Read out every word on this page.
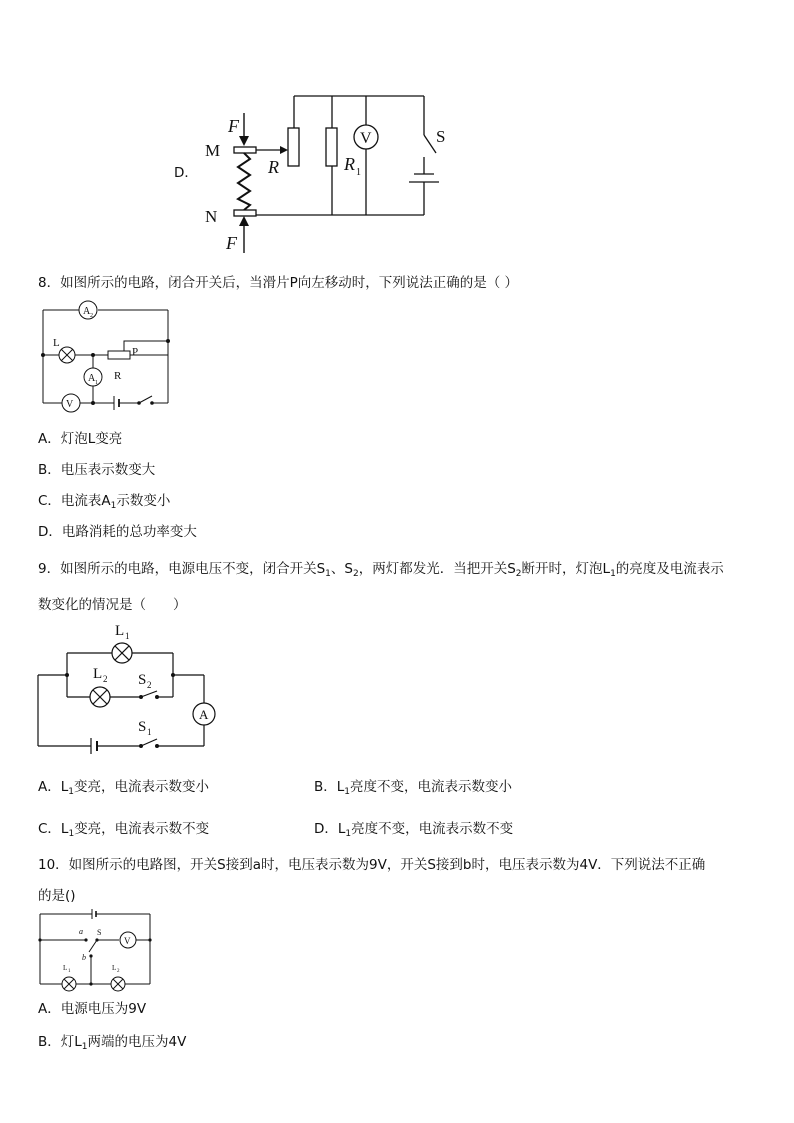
D．
F
M
N
F
R	R 1
V	S
8．如图所示的电路，闭合开关后，当滑片P向左移动时，下列说法正确的是（ ）
A 2
L
P
R
A 1
V
A．灯泡L变亮
B．电压表示数变大
C．电流表$A_1$示数变小
D．电路消耗的总功率变大
9．如图所示的电路，电源电压不变，闭合开关$S_1$、$S_2$，两灯都发光．当把开关$S_2$断开时，灯泡$L_1$的亮度及电流表示
数变化的情况是（　　）
L 1
L 2 S 2
A
S 1
A．$L_1$变亮，电流表示数变小	B．$L_1$亮度不变，电流表示数变小
C．$L_1$变亮，电流表示数不变	D．$L_1$亮度不变，电流表示数不变
10．如图所示的电路图，开关S接到a时，电压表示数为9V，开关S接到b时，电压表示数为4V．下列说法不正确
的是()
a S
V
b
L 1	L 2
A．电源电压为9V
B．灯$L_1$两端的电压为4V
